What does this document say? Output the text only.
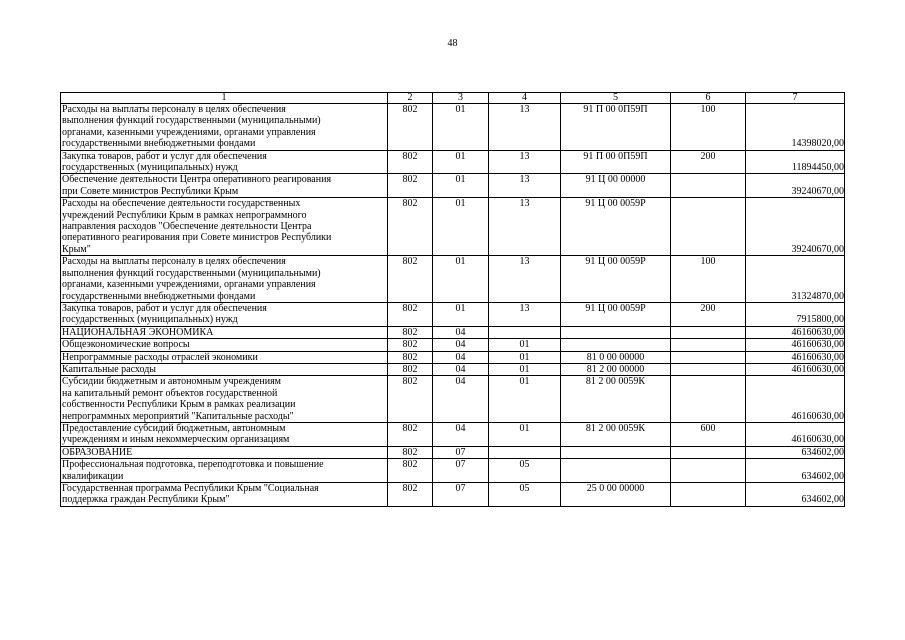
48
1	2	3	4	5	6	7
Расходы на выплаты персоналу в целях обеспечения
выполнения функций государственными (муниципальными)
органами, казенными учреждениями, органами управления
государственными внебюджетными фондами	802	01	13	91 П 00 0П59П	100	14398020,00
Закупка товаров, работ и услуг для обеспечения
государственных (муниципальных) нужд	802	01	13	91 П 00 0П59П	200	11894450,00
Обеспечение деятельности Центра оперативного реагирования
при Совете министров Республики Крым	802	01	13	91 Ц 00 00000		39240670,00
Расходы на обеспечение деятельности государственных
учреждений Республики Крым в рамках непрограммного
направления расходов "Обеспечение деятельности Центра
оперативного реагирования при Совете министров Республики
Крым"	802	01	13	91 Ц 00 0059Р		39240670,00
Расходы на выплаты персоналу в целях обеспечения
выполнения функций государственными (муниципальными)
органами, казенными учреждениями, органами управления
государственными внебюджетными фондами	802	01	13	91 Ц 00 0059Р	100	31324870,00
Закупка товаров, работ и услуг для обеспечения
государственных (муниципальных) нужд	802	01	13	91 Ц 00 0059Р	200	7915800,00
НАЦИОНАЛЬНАЯ ЭКОНОМИКА	802	04				46160630,00
Общеэкономические вопросы	802	04	01			46160630,00
Непрограммные расходы отраслей экономики	802	04	01	81 0 00 00000		46160630,00
Капитальные расходы	802	04	01	81 2 00 00000		46160630,00
Субсидии бюджетным и автономным учреждениям
на капитальный ремонт объектов государственной
собственности Республики Крым в рамках реализации
непрограммных мероприятий "Капитальные расходы"	802	04	01	81 2 00 0059К		46160630,00
Предоставление субсидий бюджетным, автономным
учреждениям и иным некоммерческим организациям	802	04	01	81 2 00 0059К	600	46160630,00
ОБРАЗОВАНИЕ	802	07				634602,00
Профессиональная подготовка, переподготовка и повышение
квалификации	802	07	05			634602,00
Государственная программа Республики Крым "Социальная
поддержка граждан Республики Крым"	802	07	05	25 0 00 00000		634602,00
